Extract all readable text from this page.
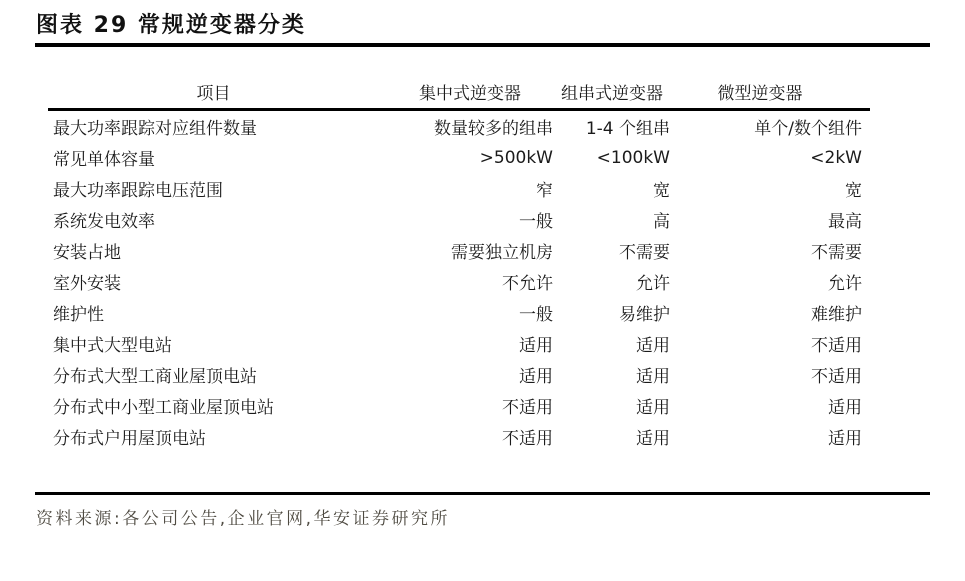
图表 29 常规逆变器分类
项目	集中式逆变器	组串式逆变器	微型逆变器
最大功率跟踪对应组件数量	数量较多的组串	1-4 个组串	单个/数个组件
常见单体容量	>500kW	<100kW	<2kW
最大功率跟踪电压范围	窄	宽	宽
系统发电效率	一般	高	最高
安装占地	需要独立机房	不需要	不需要
室外安装	不允许	允许	允许
维护性	一般	易维护	难维护
集中式大型电站	适用	适用	不适用
分布式大型工商业屋顶电站	适用	适用	不适用
分布式中小型工商业屋顶电站	不适用	适用	适用
分布式户用屋顶电站	不适用	适用	适用
资料来源:各公司公告,企业官网,华安证券研究所
